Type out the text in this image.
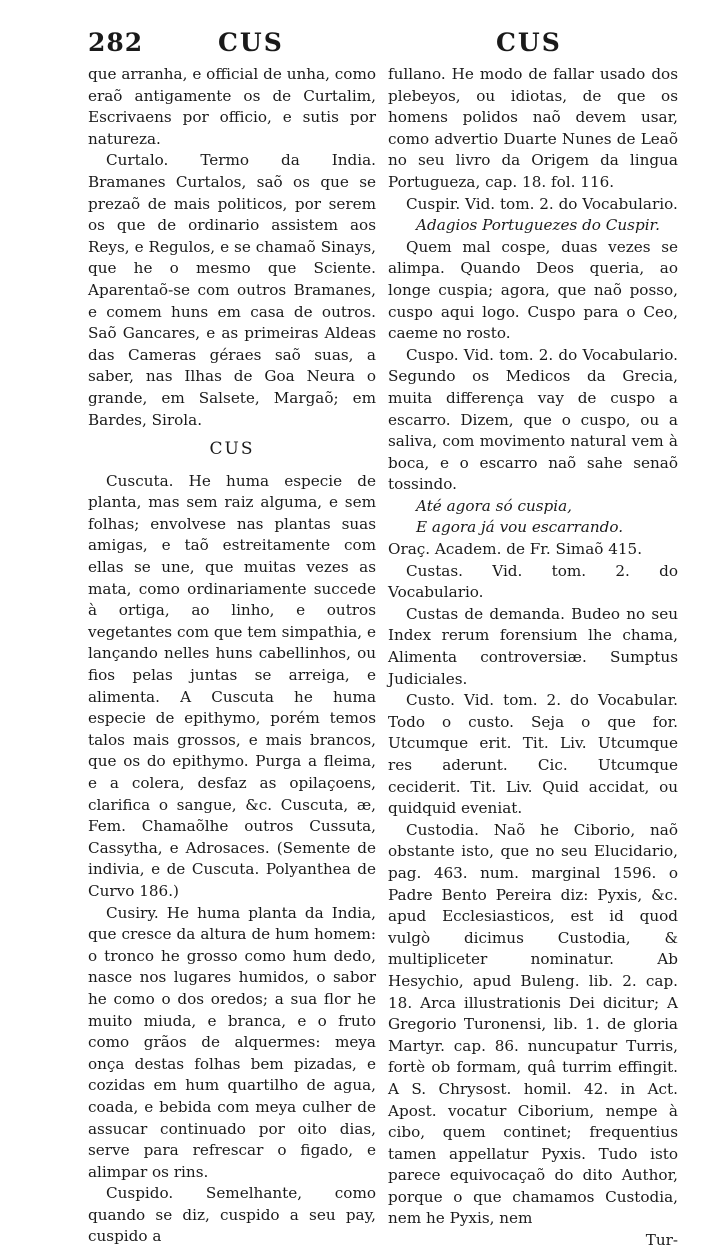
282	CUS	CUS

que arranha, e official de unha, como eraõ antigamente os de Curtalim, Escrivaens por officio, e sutis por natureza.

Curtalo. Termo da India. Bramanes Curtalos, saõ os que se prezaõ de mais politicos, por serem os que de ordinario assistem aos Reys, e Regulos, e se chamaõ Sinays, que he o mesmo que Sciente. Aparentaõ-se com outros Bramanes, e comem huns em casa de outros. Saõ Gancares, e as primeiras Aldeas das Cameras géraes saõ suas, a saber, nas Ilhas de Goa Neura o grande, em Salsete, Margaõ; em Bardes, Sirola.

CUS

Cuscuta. He huma especie de planta, mas sem raiz alguma, e sem folhas; envolvese nas plantas suas amigas, e taõ estreitamente com ellas se une, que muitas vezes as mata, como ordinariamente succede à ortiga, ao linho, e outros vegetantes com que tem simpathia, e lançando nelles huns cabellinhos, ou fios pelas juntas se arreiga, e alimenta. A Cuscuta he huma especie de epithymo, porém temos talos mais grossos, e mais brancos, que os do epithymo. Purga a fleima, e a colera, desfaz as opilaçoens, clarifica o sangue, &c. Cuscuta, æ, Fem. Chamaõlhe outros Cussuta, Cassytha, e Adrosaces. (Semente de indivia, e de Cuscuta. Polyanthea de Curvo 186.)

Cusiry. He huma planta da India, que cresce da altura de hum homem: o tronco he grosso como hum dedo, nasce nos lugares humidos, o sabor he como o dos oredos; a sua flor he muito miuda, e branca, e o fruto como grãos de alquermes: meya onça destas folhas bem pizadas, e cozidas em hum quartilho de agua, coada, e bebida com meya culher de assucar continuado por oito dias, serve para refrescar o figado, e alimpar os rins.

Cuspido. Semelhante, como quando se diz, cuspido a seu pay, cuspido a

fullano. He modo de fallar usado dos plebeyos, ou idiotas, de que os homens polidos naõ devem usar, como advertio Duarte Nunes de Leaõ no seu livro da Origem da lingua Portugueza, cap. 18. fol. 116.

Cuspir. Vid. tom. 2. do Vocabulario.

Adagios Portuguezes do Cuspir.

Quem mal cospe, duas vezes se alimpa. Quando Deos queria, ao longe cuspia; agora, que naõ posso, cuspo aqui logo. Cuspo para o Ceo, caeme no rosto.

Cuspo. Vid. tom. 2. do Vocabulario. Segundo os Medicos da Grecia, muita differença vay de cuspo a escarro. Dizem, que o cuspo, ou a saliva, com movimento natural vem à boca, e o escarro naõ sahe senaõ tossindo.

Até agora só cuspia,

E agora já vou escarrando.

Oraç. Academ. de Fr. Simaõ 415.

Custas. Vid. tom. 2. do Vocabulario.

Custas de demanda. Budeo no seu Index rerum forensium lhe chama, Alimenta controversiæ. Sumptus Judiciales.

Custo. Vid. tom. 2. do Vocabular. Todo o custo. Seja o que for. Utcumque erit. Tit. Liv. Utcumque res aderunt. Cic. Utcumque ceciderit. Tit. Liv. Quid accidat, ou quidquid eveniat.

Custodia. Naõ he Ciborio, naõ obstante isto, que no seu Elucidario, pag. 463. num. marginal 1596. o Padre Bento Pereira diz: Pyxis, &c. apud Ecclesiasticos, est id quod vulgò dicimus Custodia, & multipliceter nominatur. Ab Hesychio, apud Buleng. lib. 2. cap. 18. Arca illustrationis Dei dicitur; A Gregorio Turonensi, lib. 1. de gloria Martyr. cap. 86. nuncupatur Turris, fortè ob formam, quâ turrim effingit. A S. Chrysost. homil. 42. in Act. Apost. vocatur Ciborium, nempe à cibo, quem continet; frequentius tamen appellatur Pyxis. Tudo isto parece equivocaçaõ do dito Author, porque o que chamamos Custodia, nem he Pyxis, nem

Tur-
